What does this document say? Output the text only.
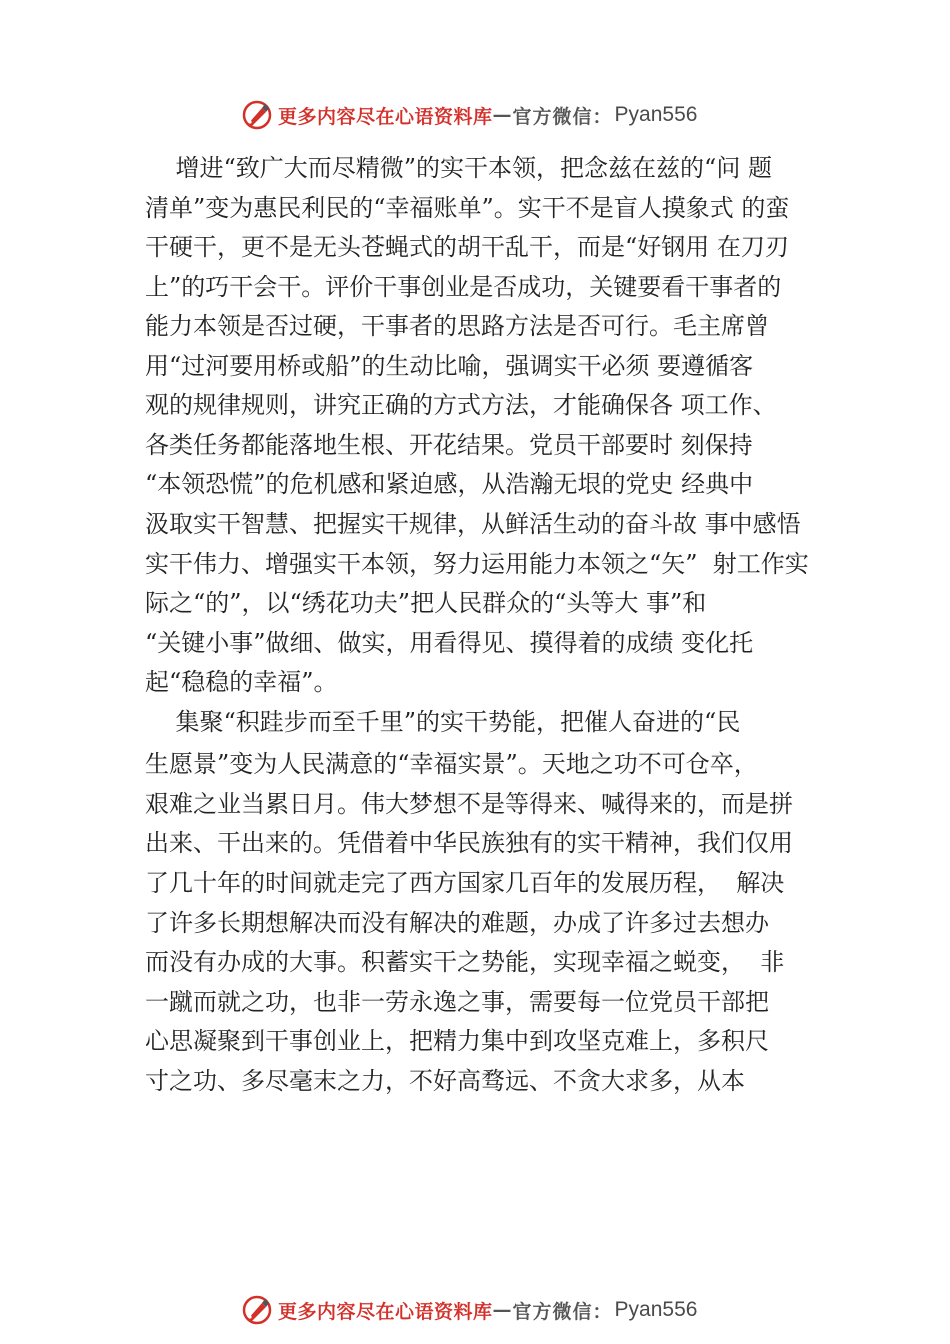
更多内容尽在心语资料库 — 官方微信： Pyan556
增进“致广大而尽精微”的实干本领，把念兹在兹的“问 题
清单”变为惠民利民的“幸福账单”。实干不是盲人摸象式 的蛮
干硬干，更不是无头苍蝇式的胡干乱干，而是“好钢用 在刀刃
上”的巧干会干。评价干事创业是否成功，关键要看干事者的
能力本领是否过硬，干事者的思路方法是否可行。毛主席曾
用“过河要用桥或船”的生动比喻，强调实干必须 要遵循客
观的规律规则，讲究正确的方式方法，才能确保各 项工作、
各类任务都能落地生根、开花结果。党员干部要时 刻保持
“本领恐慌”的危机感和紧迫感，从浩瀚无垠的党史 经典中
汲取实干智慧、把握实干规律，从鲜活生动的奋斗故 事中感悟
实干伟力、增强实干本领，努力运用能力本领之“矢”  射工作实
际之“的”，以“绣花功夫”把人民群众的“头等大 事”和
“关键小事”做细、做实，用看得见、摸得着的成绩 变化托
起“稳稳的幸福”。
集聚“积跬步而至千里”的实干势能，把催人奋进的“民
生愿景”变为人民满意的“幸福实景”。天地之功不可仓卒，
艰难之业当累日月。伟大梦想不是等得来、喊得来的，而是拼
出来、干出来的。凭借着中华民族独有的实干精神，我们仅用
了几十年的时间就走完了西方国家几百年的发展历程，  解决
了许多长期想解决而没有解决的难题，办成了许多过去想办
而没有办成的大事。积蓄实干之势能，实现幸福之蜕变，  非
一蹴而就之功，也非一劳永逸之事，需要每一位党员干部把
心思凝聚到干事创业上，把精力集中到攻坚克难上，多积尺
寸之功、多尽毫末之力，不好高骛远、不贪大求多，从本
更多内容尽在心语资料库 — 官方微信： Pyan556
